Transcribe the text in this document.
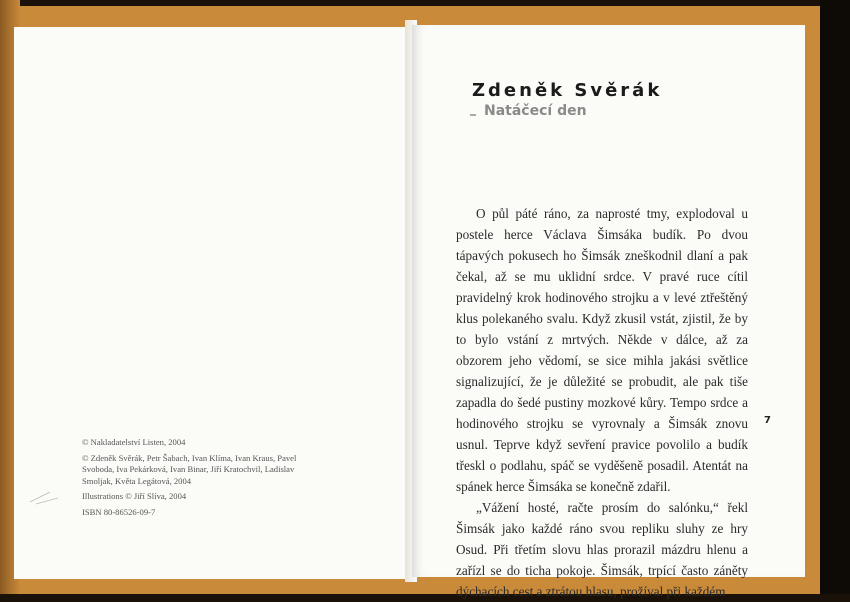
© Nakladatelství Listen, 2004

© Zdeněk Svěrák, Petr Šabach, Ivan Klíma, Ivan Kraus, Pavel Svoboda, Iva Pekárková, Ivan Binar, Jiří Kratochvil, Ladislav Smoljak, Květa Legátová, 2004

Illustrations © Jiří Slíva, 2004

ISBN 80-86526-09-7

Zdeněk Svěrák
Natáčecí den

O půl páté ráno, za naprosté tmy, explodoval u postele herce Václava Šimsáka budík. Po dvou tápavých pokusech ho Šimsák zneškodnil dlaní a pak čekal, až se mu uklidní srdce. V pravé ruce cítil pravidelný krok hodinového strojku a v levé ztřeštěný klus polekaného svalu. Když zkusil vstát, zjistil, že by to bylo vstání z mrtvých. Někde v dálce, až za obzorem jeho vědomí, se sice mihla jakási světlice signalizující, že je důležité se probudit, ale pak tiše zapadla do šedé pustiny mozkové kůry. Tempo srdce a hodinového strojku se vyrovnaly a Šimsák znovu usnul. Teprve když sevření pravice povolilo a budík třeskl o podlahu, spáč se vyděšeně posadil. Atentát na spánek herce Šimsáka se konečně zdařil.

„Vážení hosté, račte prosím do salónku,“ řekl Šimsák jako každé ráno svou repliku sluhy ze hry Osud. Při třetím slovu hlas prorazil mázdru hlenu a zařízl se do ticha pokoje. Šimsák, trpící často záněty dýchacích cest a ztrátou hlasu, prožíval při každém

7
